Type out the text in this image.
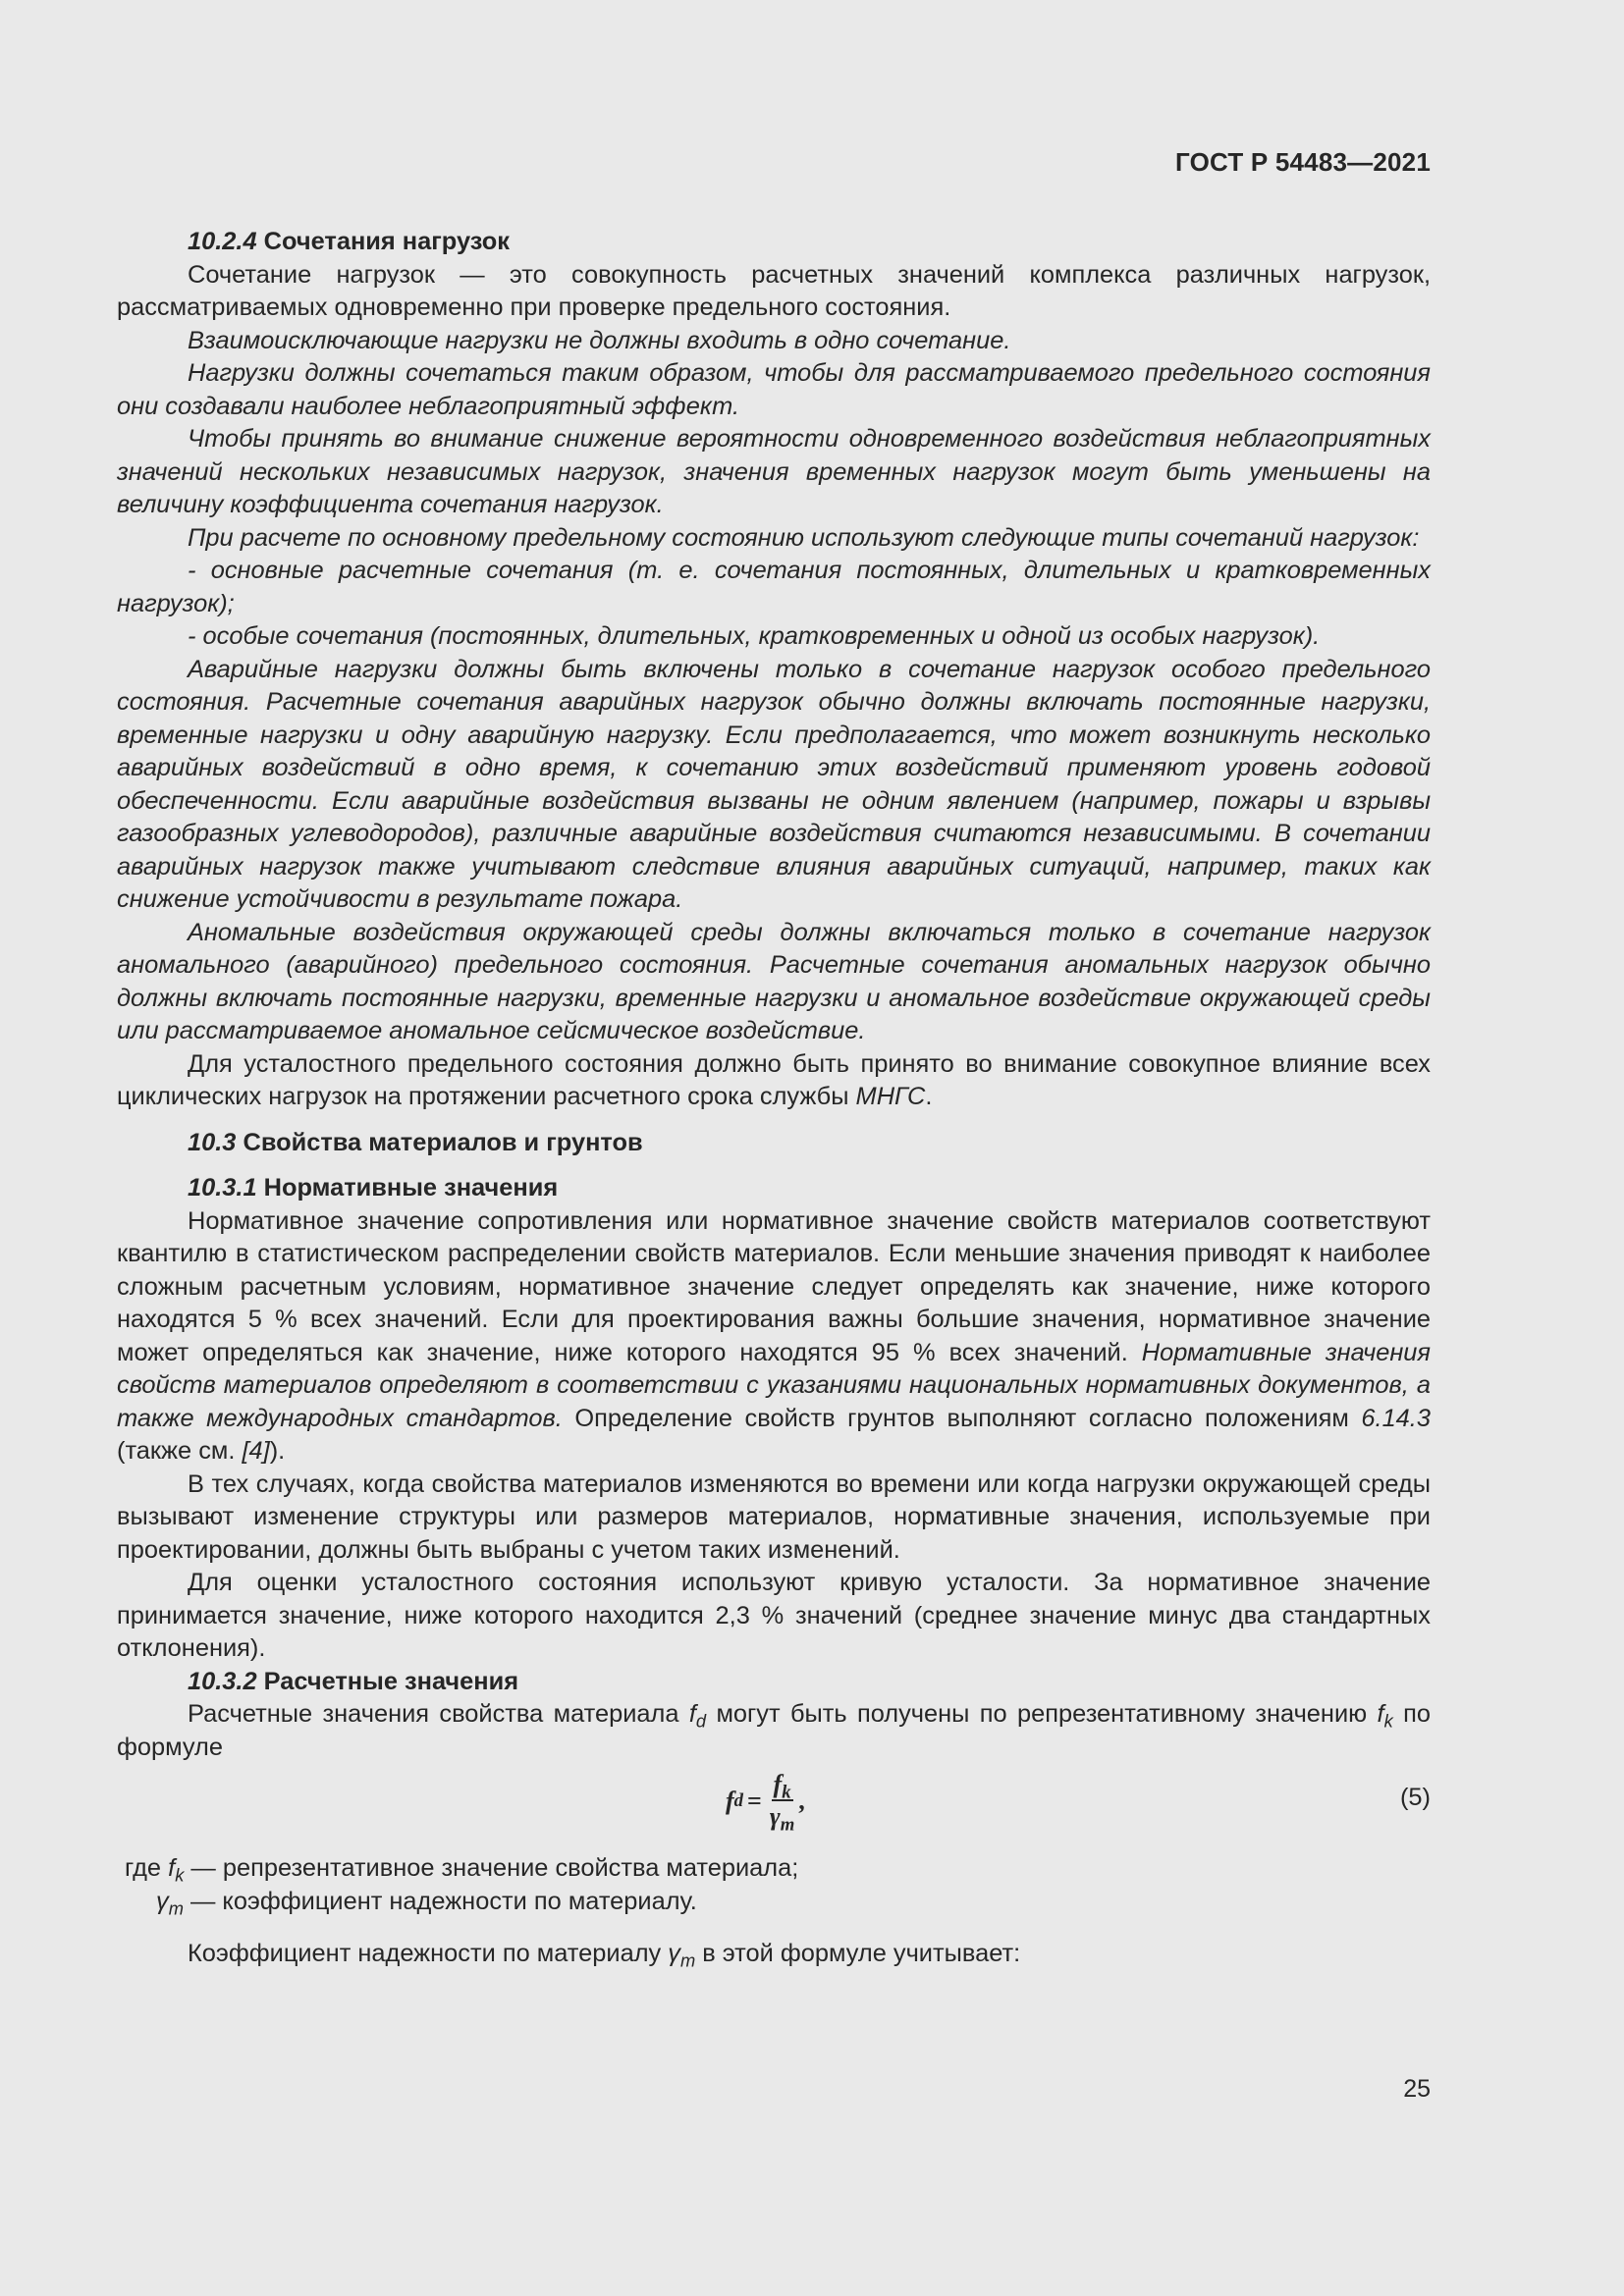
ГОСТ Р 54483—2021

10.2.4 Сочетания нагрузок

Сочетание нагрузок — это совокупность расчетных значений комплекса различных нагрузок, рассматриваемых одновременно при проверке предельного состояния.

Взаимоисключающие нагрузки не должны входить в одно сочетание.

Нагрузки должны сочетаться таким образом, чтобы для рассматриваемого предельного состояния они создавали наиболее неблагоприятный эффект.

Чтобы принять во внимание снижение вероятности одновременного воздействия неблагоприятных значений нескольких независимых нагрузок, значения временных нагрузок могут быть уменьшены на величину коэффициента сочетания нагрузок.

При расчете по основному предельному состоянию используют следующие типы сочетаний нагрузок:

- основные расчетные сочетания (т. е. сочетания постоянных, длительных и кратковременных нагрузок);

- особые сочетания (постоянных, длительных, кратковременных и одной из особых нагрузок).

Аварийные нагрузки должны быть включены только в сочетание нагрузок особого предельного состояния. Расчетные сочетания аварийных нагрузок обычно должны включать постоянные нагрузки, временные нагрузки и одну аварийную нагрузку. Если предполагается, что может возникнуть несколько аварийных воздействий в одно время, к сочетанию этих воздействий применяют уровень годовой обеспеченности. Если аварийные воздействия вызваны не одним явлением (например, пожары и взрывы газообразных углеводородов), различные аварийные воздействия считаются независимыми. В сочетании аварийных нагрузок также учитывают следствие влияния аварийных ситуаций, например, таких как снижение устойчивости в результате пожара.

Аномальные воздействия окружающей среды должны включаться только в сочетание нагрузок аномального (аварийного) предельного состояния. Расчетные сочетания аномальных нагрузок обычно должны включать постоянные нагрузки, временные нагрузки и аномальное воздействие окружающей среды или рассматриваемое аномальное сейсмическое воздействие.

Для усталостного предельного состояния должно быть принято во внимание совокупное влияние всех циклических нагрузок на протяжении расчетного срока службы МНГС.

10.3 Свойства материалов и грунтов

10.3.1 Нормативные значения

Нормативное значение сопротивления или нормативное значение свойств материалов соответствуют квантилю в статистическом распределении свойств материалов. Если меньшие значения приводят к наиболее сложным расчетным условиям, нормативное значение следует определять как значение, ниже которого находятся 5 % всех значений. Если для проектирования важны большие значения, нормативное значение может определяться как значение, ниже которого находятся 95 % всех значений. Нормативные значения свойств материалов определяют в соответствии с указаниями национальных нормативных документов, а также международных стандартов. Определение свойств грунтов выполняют согласно положениям 6.14.3 (также см. [4]).

В тех случаях, когда свойства материалов изменяются во времени или когда нагрузки окружающей среды вызывают изменение структуры или размеров материалов, нормативные значения, используемые при проектировании, должны быть выбраны с учетом таких изменений.

Для оценки усталостного состояния используют кривую усталости. За нормативное значение принимается значение, ниже которого находится 2,3 % значений (среднее значение минус два стандартных отклонения).

10.3.2 Расчетные значения

Расчетные значения свойства материала $f_d$ могут быть получены по репрезентативному значению $f_k$ по формуле

f $d = \frac{f_k}{\gamma_m}$ ,	(5)

где $f_k$ — репрезентативное значение свойства материала;

$\gamma_m$ — коэффициент надежности по материалу.

Коэффициент надежности по материалу $\gamma_m$ в этой формуле учитывает:

25
